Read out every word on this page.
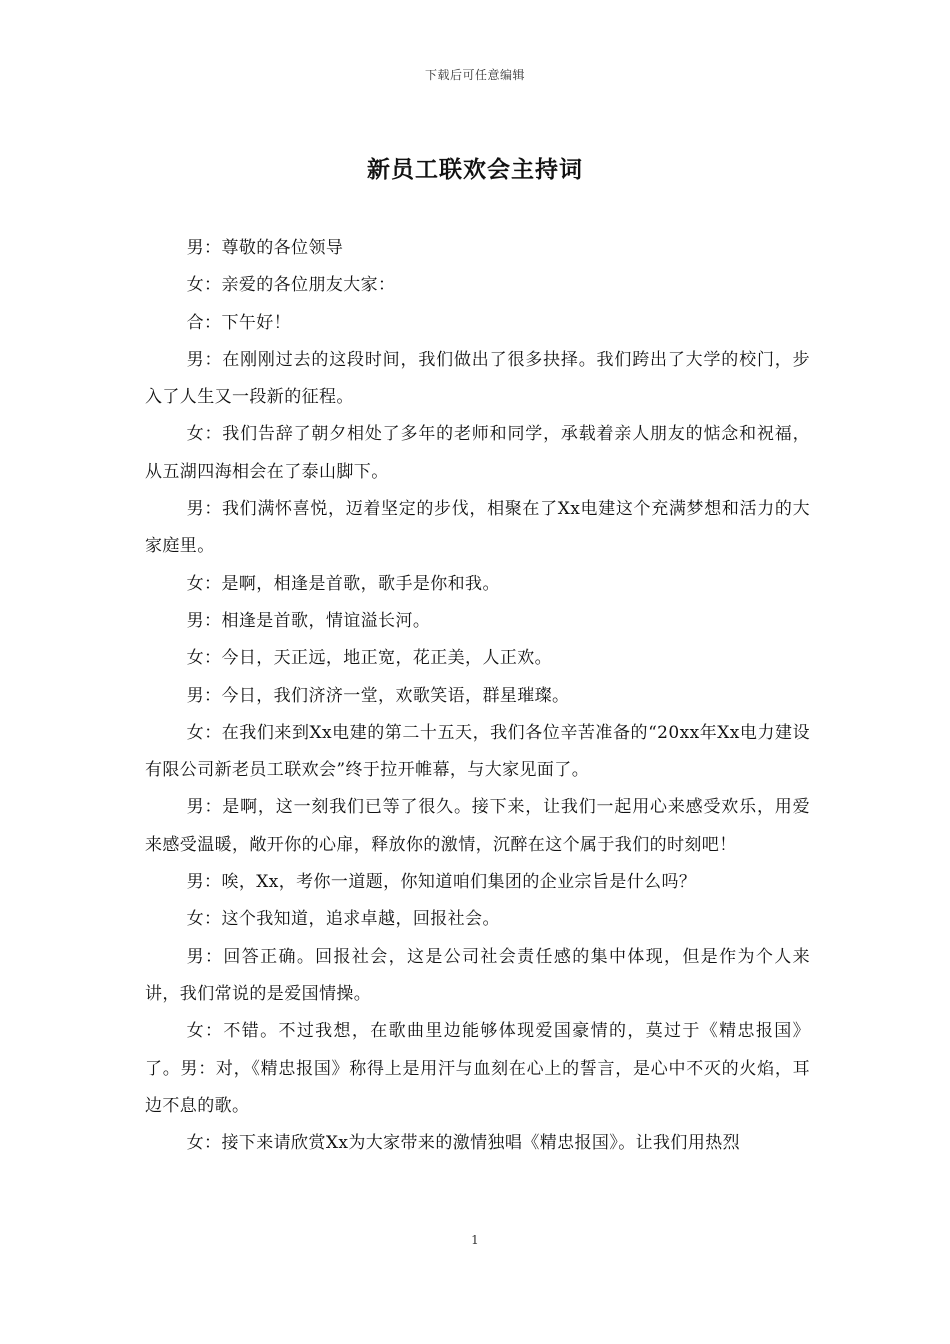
下载后可任意编辑
新员工联欢会主持词

男：尊敬的各位领导

女：亲爱的各位朋友大家：

合：下午好！

男：在刚刚过去的这段时间，我们做出了很多抉择。我们跨出了大学的校门，步入了人生又一段新的征程。

女：我们告辞了朝夕相处了多年的老师和同学，承载着亲人朋友的惦念和祝福，从五湖四海相会在了泰山脚下。

男：我们满怀喜悦，迈着坚定的步伐，相聚在了Xx电建这个充满梦想和活力的大家庭里。

女：是啊，相逢是首歌，歌手是你和我。

男：相逢是首歌，情谊溢长河。

女：今日，天正远，地正宽，花正美，人正欢。

男：今日，我们济济一堂，欢歌笑语，群星璀璨。

女：在我们来到Xx电建的第二十五天，我们各位辛苦准备的“20xx年Xx电力建设有限公司新老员工联欢会”终于拉开帷幕，与大家见面了。

男：是啊，这一刻我们已等了很久。接下来，让我们一起用心来感受欢乐，用爱来感受温暖，敞开你的心扉，释放你的激情，沉醉在这个属于我们的时刻吧！

男：唉，Xx，考你一道题，你知道咱们集团的企业宗旨是什么吗？

女：这个我知道，追求卓越，回报社会。

男：回答正确。回报社会，这是公司社会责任感的集中体现，但是作为个人来讲，我们常说的是爱国情操。

女：不错。不过我想，在歌曲里边能够体现爱国豪情的，莫过于《精忠报国》了。男：对，《精忠报国》称得上是用汗与血刻在心上的誓言，是心中不灭的火焰，耳边不息的歌。

女：接下来请欣赏Xx为大家带来的激情独唱《精忠报国》。让我们用热烈

1
